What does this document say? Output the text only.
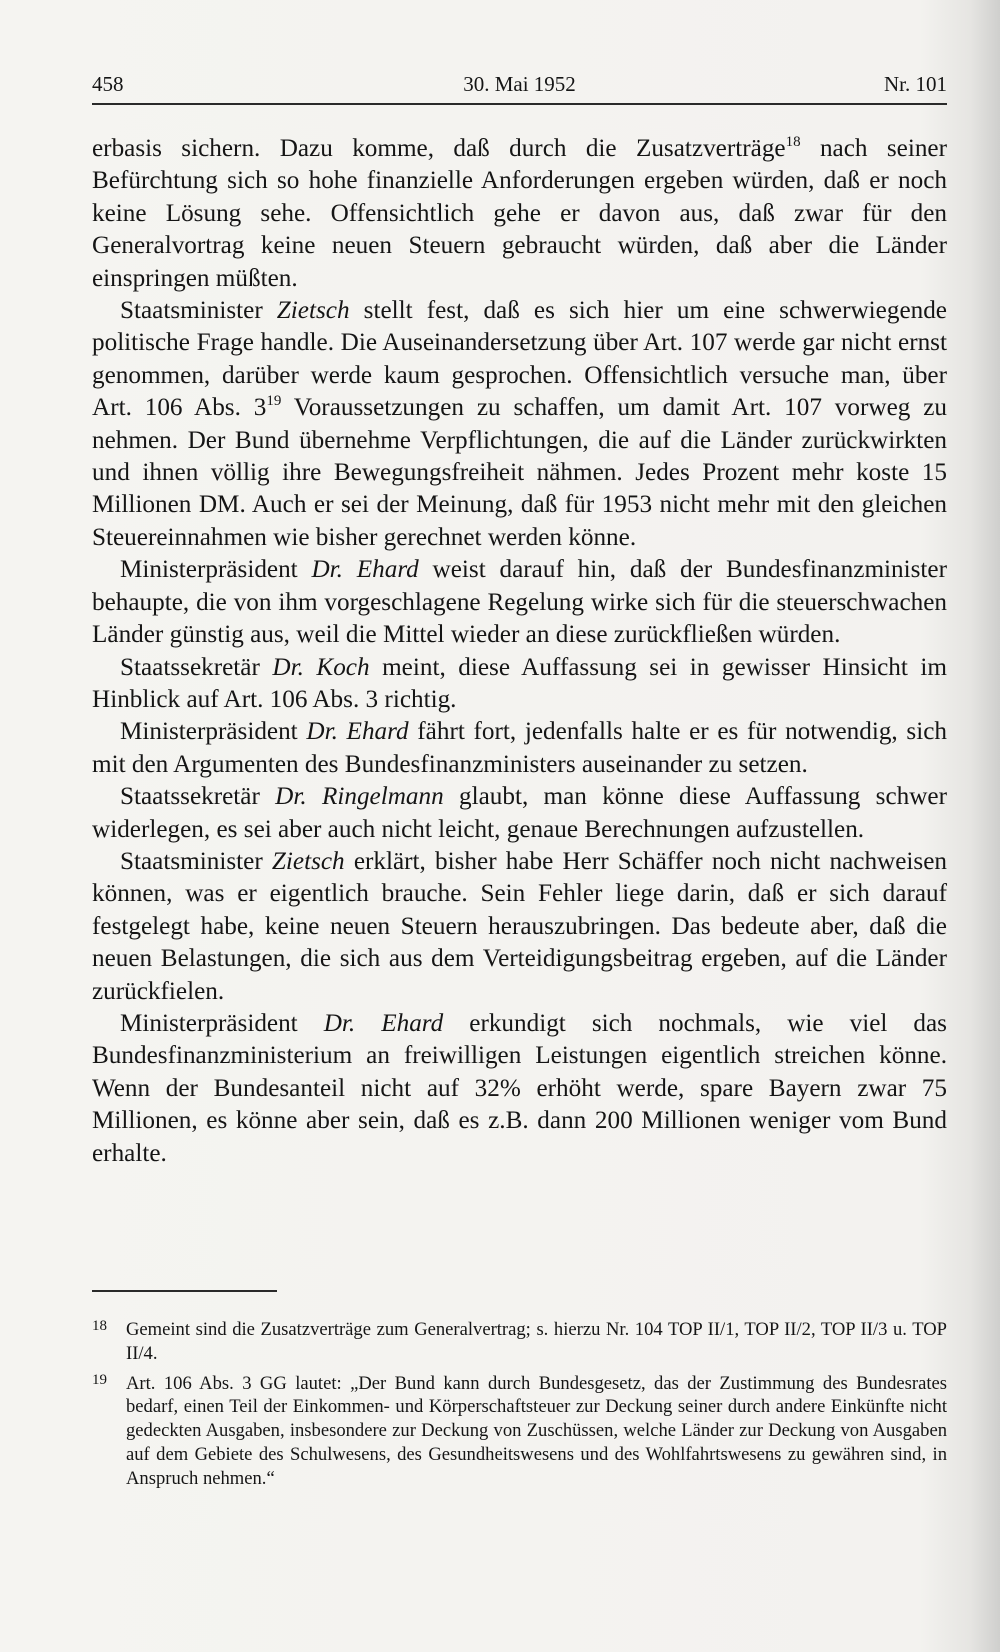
458	30. Mai 1952	Nr. 101

erbasis sichern. Dazu komme, daß durch die Zusatzverträge$^{18}$ nach seiner Befürchtung sich so hohe finanzielle Anforderungen ergeben würden, daß er noch keine Lösung sehe. Offensichtlich gehe er davon aus, daß zwar für den Generalvortrag keine neuen Steuern gebraucht würden, daß aber die Länder einspringen müßten.

Staatsminister Zietsch stellt fest, daß es sich hier um eine schwerwiegende politische Frage handle. Die Auseinandersetzung über Art. 107 werde gar nicht ernst genommen, darüber werde kaum gesprochen. Offensichtlich versuche man, über Art. 106 Abs. $3^{19}$ Voraussetzungen zu schaffen, um damit Art. 107 vorweg zu nehmen. Der Bund übernehme Verpflichtungen, die auf die Länder zurückwirkten und ihnen völlig ihre Bewegungsfreiheit nähmen. Jedes Prozent mehr koste 15 Millionen DM. Auch er sei der Meinung, daß für 1953 nicht mehr mit den gleichen Steuereinnahmen wie bisher gerechnet werden könne.

Ministerpräsident Dr. Ehard weist darauf hin, daß der Bundesfinanzminister behaupte, die von ihm vorgeschlagene Regelung wirke sich für die steuerschwachen Länder günstig aus, weil die Mittel wieder an diese zurückfließen würden.

Staatssekretär Dr. Koch meint, diese Auffassung sei in gewisser Hinsicht im Hinblick auf Art. 106 Abs. 3 richtig.

Ministerpräsident Dr. Ehard fährt fort, jedenfalls halte er es für notwendig, sich mit den Argumenten des Bundesfinanzministers auseinander zu setzen.

Staatssekretär Dr. Ringelmann glaubt, man könne diese Auffassung schwer widerlegen, es sei aber auch nicht leicht, genaue Berechnungen aufzustellen.

Staatsminister Zietsch erklärt, bisher habe Herr Schäffer noch nicht nachweisen können, was er eigentlich brauche. Sein Fehler liege darin, daß er sich darauf festgelegt habe, keine neuen Steuern herauszubringen. Das bedeute aber, daß die neuen Belastungen, die sich aus dem Verteidigungsbeitrag ergeben, auf die Länder zurückfielen.

Ministerpräsident Dr. Ehard erkundigt sich nochmals, wie viel das Bundesfinanzministerium an freiwilligen Leistungen eigentlich streichen könne. Wenn der Bundesanteil nicht auf 32% erhöht werde, spare Bayern zwar 75 Millionen, es könne aber sein, daß es z.B. dann 200 Millionen weniger vom Bund erhalte.

18 Gemeint sind die Zusatzverträge zum Generalvertrag; s. hierzu Nr. 104 TOP II/1, TOP II/2, TOP II/3 u. TOP II/4.
19 Art. 106 Abs. 3 GG lautet: „Der Bund kann durch Bundesgesetz, das der Zustimmung des Bundesrates bedarf, einen Teil der Einkommen- und Körperschaftsteuer zur Deckung seiner durch andere Einkünfte nicht gedeckten Ausgaben, insbesondere zur Deckung von Zuschüssen, welche Länder zur Deckung von Ausgaben auf dem Gebiete des Schulwesens, des Gesundheitswesens und des Wohlfahrtswesens zu gewähren sind, in Anspruch nehmen.“
